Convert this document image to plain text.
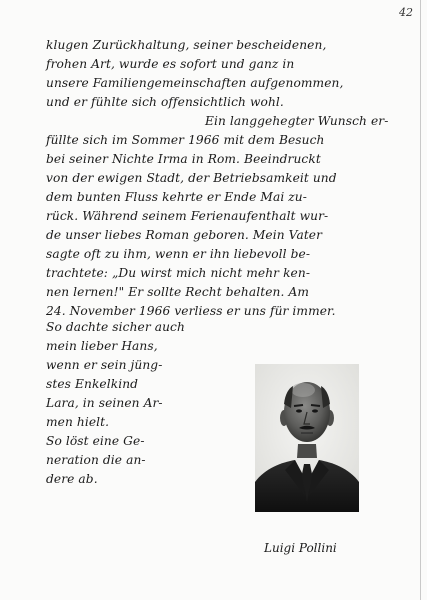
42
klugen Zurückhaltung, seiner bescheidenen,
frohen Art, wurde es sofort und ganz in
unsere Familiengemeinschaften aufgenommen,
und er fühlte sich offensichtlich wohl.
Ein langgehegter Wunsch er-
füllte sich im Sommer 1966 mit dem Besuch
bei seiner Nichte Irma in Rom. Beeindruckt
von der ewigen Stadt, der Betriebsamkeit und
dem bunten Fluss kehrte er Ende Mai zu-
rück. Während seinem Ferienaufenthalt wur-
de unser liebes Roman geboren. Mein Vater
sagte oft zu ihm, wenn er ihn liebevoll be-
trachtete: „Du wirst mich nicht mehr ken-
nen lernen!" Er sollte Recht behalten. Am
24. November 1966 verliess er uns für immer.
So dachte sicher auch
mein lieber Hans,
wenn er sein jüng-
stes Enkelkind
Lara, in seinen Ar-
men hielt.
So löst eine Ge-
neration die an-
dere ab.
Luigi Pollini
